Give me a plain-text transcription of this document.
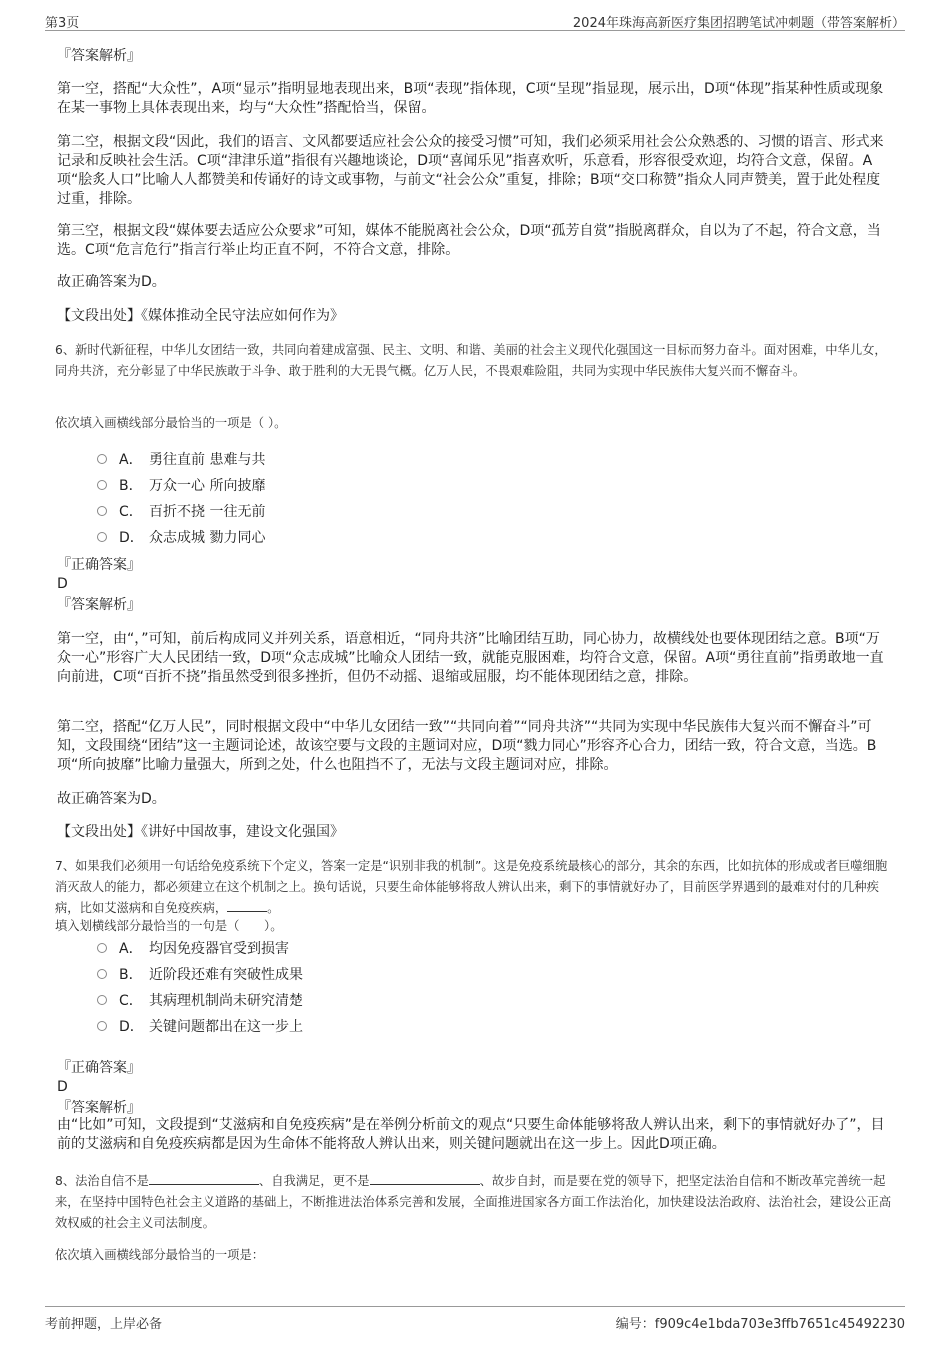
第3页	2024年珠海高新医疗集团招聘笔试冲刺题（带答案解析）

『答案解析』

第一空，搭配“大众性”，A项“显示”指明显地表现出来，B项“表现”指体现，C项“呈现”指显现，展示出，D项“体现”指某种性质或现象在某一事物上具体表现出来，均与“大众性”搭配恰当，保留。

第二空，根据文段“因此，我们的语言、文风都要适应社会公众的接受习惯”可知，我们必须采用社会公众熟悉的、习惯的语言、形式来记录和反映社会生活。C项“津津乐道”指很有兴趣地谈论，D项“喜闻乐见”指喜欢听，乐意看，形容很受欢迎，均符合文意，保留。A项“脍炙人口”比喻人人都赞美和传诵好的诗文或事物，与前文“社会公众”重复，排除；B项“交口称赞”指众人同声赞美，置于此处程度过重，排除。

第三空，根据文段“媒体要去适应公众要求”可知，媒体不能脱离社会公众，D项“孤芳自赏”指脱离群众，自以为了不起，符合文意，当选。C项“危言危行”指言行举止均正直不阿，不符合文意，排除。

故正确答案为D。

【文段出处】《媒体推动全民守法应如何作为》

6、新时代新征程，中华儿女团结一致，共同向着建成富强、民主、文明、和谐、美丽的社会主义现代化强国这一目标而努力奋斗。面对困难，中华儿女，同舟共济，充分彰显了中华民族敢于斗争、敢于胜利的大无畏气概。亿万人民，不畏艰难险阻，共同为实现中华民族伟大复兴而不懈奋斗。

依次填入画横线部分最恰当的一项是（ ）。

A． 勇往直前 患难与共
B． 万众一心 所向披靡
C． 百折不挠 一往无前
D． 众志成城 勠力同心

『正确答案』

D

『答案解析』

第一空，由“，”可知，前后构成同义并列关系，语意相近，“同舟共济”比喻团结互助，同心协力，故横线处也要体现团结之意。B项“万众一心”形容广大人民团结一致，D项“众志成城”比喻众人团结一致，就能克服困难，均符合文意，保留。A项“勇往直前”指勇敢地一直向前进，C项“百折不挠”指虽然受到很多挫折，但仍不动摇、退缩或屈服，均不能体现团结之意，排除。

第二空，搭配“亿万人民”，同时根据文段中“中华儿女团结一致”“共同向着”“同舟共济”“共同为实现中华民族伟大复兴而不懈奋斗”可知，文段围绕“团结”这一主题词论述，故该空要与文段的主题词对应，D项“戮力同心”形容齐心合力，团结一致，符合文意，当选。B项“所向披靡”比喻力量强大，所到之处，什么也阻挡不了，无法与文段主题词对应，排除。

故正确答案为D。

【文段出处】《讲好中国故事，建设文化强国》

7、如果我们必须用一句话给免疫系统下个定义，答案一定是“识别非我的机制”。这是免疫系统最核心的部分，其余的东西，比如抗体的形成或者巨噬细胞消灭敌人的能力，都必须建立在这个机制之上。换句话说，只要生命体能够将敌人辨认出来，剩下的事情就好办了，目前医学界遇到的最难对付的几种疾病，比如艾滋病和自免疫疾病，	。

填入划横线部分最恰当的一句是（　　）。

A． 均因免疫器官受到损害
B． 近阶段还难有突破性成果
C． 其病理机制尚未研究清楚
D． 关键问题都出在这一步上

『正确答案』

D

『答案解析』

由“比如”可知，文段提到“艾滋病和自免疫疾病”是在举例分析前文的观点“只要生命体能够将敌人辨认出来，剩下的事情就好办了”，目前的艾滋病和自免疫疾病都是因为生命体不能将敌人辨认出来，则关键问题就出在这一步上。因此D项正确。

8、法治自信不是	、自我满足，更不是	、故步自封，而是要在党的领导下，把坚定法治自信和不断改革完善统一起来，在坚持中国特色社会主义道路的基础上，不断推进法治体系完善和发展，全面推进国家各方面工作法治化，加快建设法治政府、法治社会，建设公正高效权威的社会主义司法制度。

依次填入画横线部分最恰当的一项是：

考前押题，上岸必备	编号：f909c4e1bda703e3ffb7651c45492230
